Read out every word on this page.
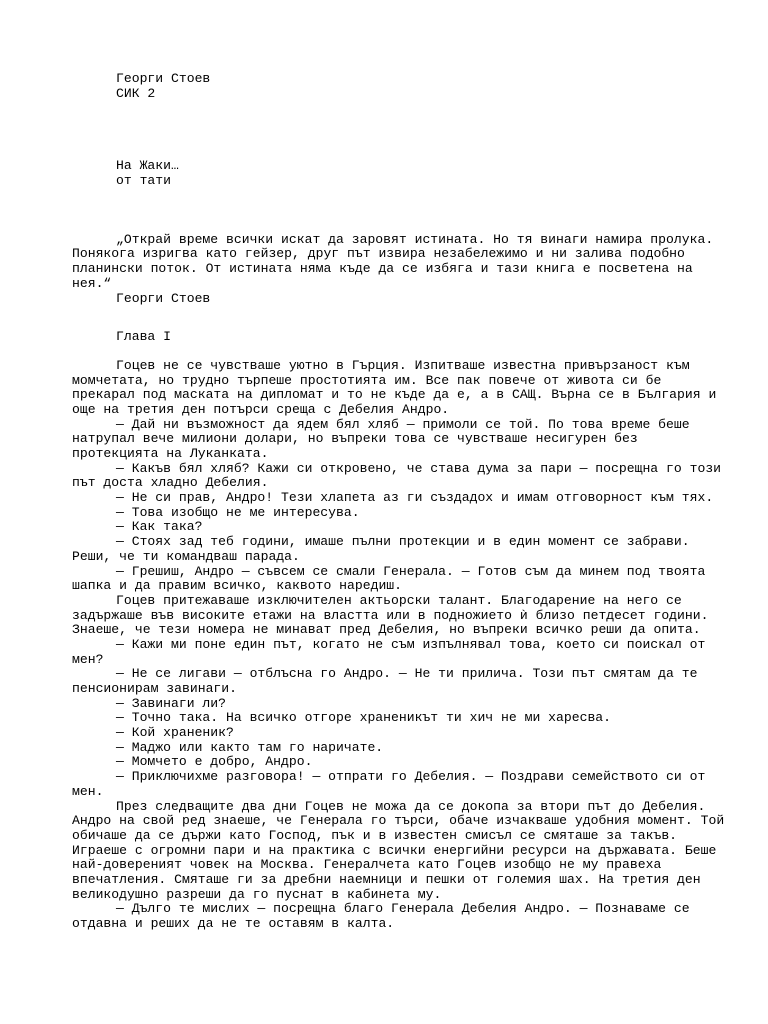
Георги Стоев
СИК 2
На Жаки…
от тати
„Открай време всички искат да заровят истината. Но тя винаги намира пролука.
Понякога изригва като гейзер, друг път извира незабележимо и ни залива подобно
планински поток. От истината няма къде да се избяга и тази книга е посветена на
нея.“
Георги Стоев
Глава I
Гоцев не се чувстваше уютно в Гърция. Изпитваше известна привързаност към
момчетата, но трудно търпеше простотията им. Все пак повече от живота си бе
прекарал под маската на дипломат и то не къде да е, а в САЩ. Върна се в България и
още на третия ден потърси среща с Дебелия Андро.
— Дай ни възможност да ядем бял хляб — примоли се той. По това време беше
натрупал вече милиони долари, но въпреки това се чувстваше несигурен без
протекцията на Луканката.
— Какъв бял хляб? Кажи си откровено, че става дума за пари — посрещна го този
път доста хладно Дебелия.
— Не си прав, Андро! Тези хлапета аз ги създадох и имам отговорност към тях.
— Това изобщо не ме интересува.
— Как така?
— Стоях зад теб години, имаше пълни протекции и в един момент се забрави.
Реши, че ти командваш парада.
— Грешиш, Андро — съвсем се смали Генерала. — Готов съм да минем под твоята
шапка и да правим всичко, каквото наредиш.
Гоцев притежаваше изключителен актьорски талант. Благодарение на него се
задържаше във високите етажи на властта или в подножието ѝ близо петдесет години.
Знаеше, че тези номера не минават пред Дебелия, но въпреки всичко реши да опита.
— Кажи ми поне един път, когато не съм изпълнявал това, което си поискал от
мен?
— Не се лигави — отблъсна го Андро. — Не ти прилича. Този път смятам да те
пенсионирам завинаги.
— Завинаги ли?
— Точно така. На всичко отгоре храненикът ти хич не ми харесва.
— Кой храненик?
— Маджо или както там го наричате.
— Момчето е добро, Андро.
— Приключихме разговора! — отпрати го Дебелия. — Поздрави семейството си от
мен.
През следващите два дни Гоцев не можа да се докопа за втори път до Дебелия.
Андро на свой ред знаеше, че Генерала го търси, обаче изчакваше удобния момент. Той
обичаше да се държи като Господ, пък и в известен смисъл се смяташе за такъв.
Играеше с огромни пари и на практика с всички енергийни ресурси на държавата. Беше
най-довереният човек на Москва. Генералчета като Гоцев изобщо не му правеха
впечатления. Смяташе ги за дребни наемници и пешки от големия шах. На третия ден
великодушно разреши да го пуснат в кабинета му.
— Дълго те мислих — посрещна благо Генерала Дебелия Андро. — Познаваме се
отдавна и реших да не те оставям в калта.
